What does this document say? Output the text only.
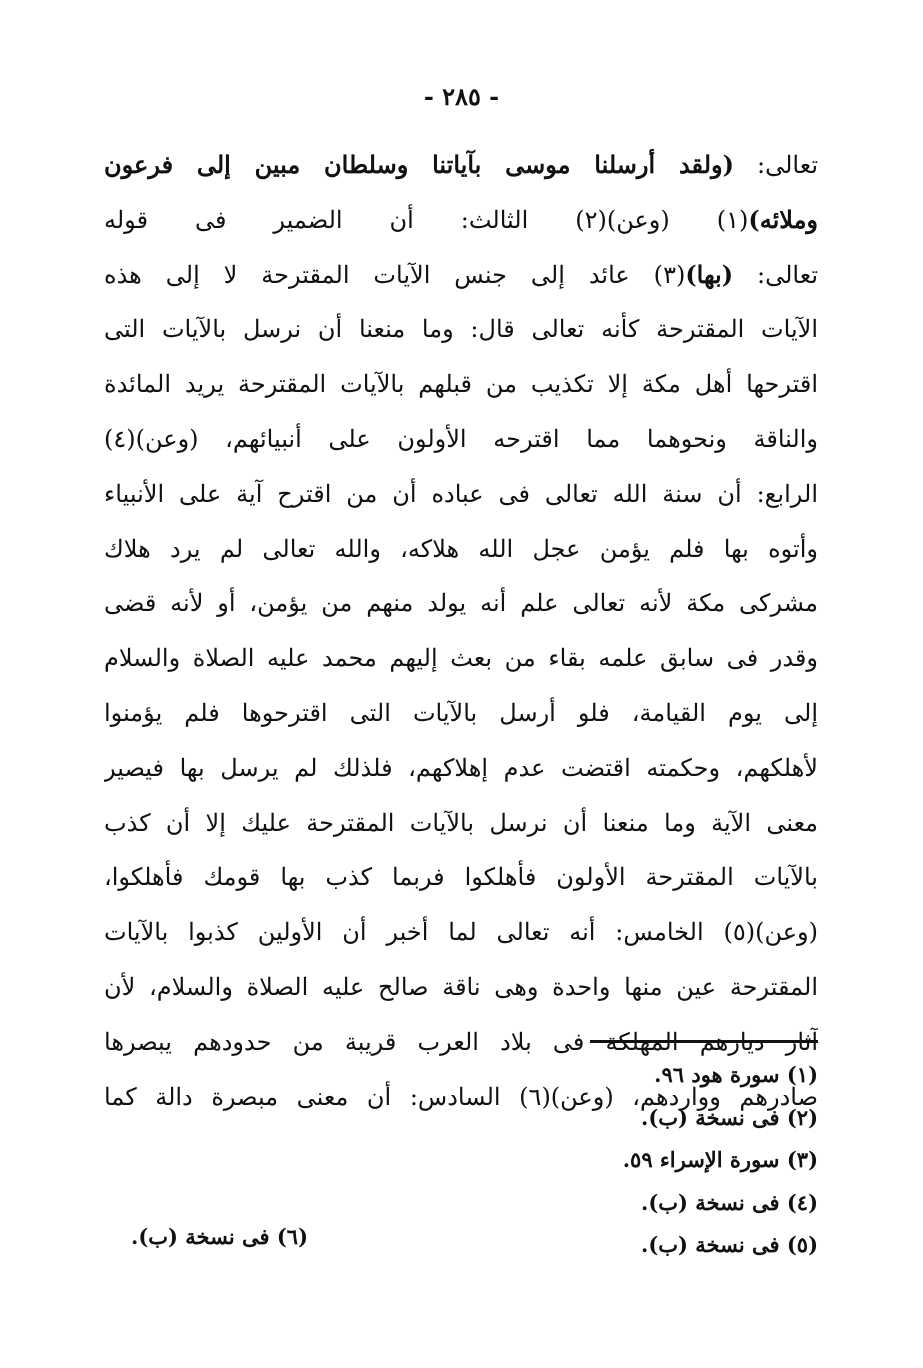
- ٢٨٥ -
تعالى: (ولقد أرسلنا موسى بآياتنا وسلطان مبين إلى فرعون
وملائه)(١) (وعن)(٢) الثالث: أن الضمير فى قوله
تعالى: (بها)(٣) عائد إلى جنس الآيات المقترحة لا إلى هذه
الآيات المقترحة كأنه تعالى قال: وما منعنا أن نرسل بالآيات التى
اقترحها أهل مكة إلا تكذيب من قبلهم بالآيات المقترحة يريد المائدة
والناقة ونحوهما مما اقترحه الأولون على أنبيائهم، (وعن)(٤)
الرابع: أن سنة الله تعالى فى عباده أن من اقترح آية على الأنبياء
وأتوه بها فلم يؤمن عجل الله هلاكه، والله تعالى لم يرد هلاك
مشركى مكة لأنه تعالى علم أنه يولد منهم من يؤمن، أو لأنه قضى
وقدر فى سابق علمه بقاء من بعث إليهم محمد عليه الصلاة والسلام
إلى يوم القيامة، فلو أرسل بالآيات التى اقترحوها فلم يؤمنوا
لأهلكهم، وحكمته اقتضت عدم إهلاكهم، فلذلك لم يرسل بها فيصير
معنى الآية وما منعنا أن نرسل بالآيات المقترحة عليك إلا أن كذب
بالآيات المقترحة الأولون فأهلكوا فربما كذب بها قومك فأهلكوا،
(وعن)(٥) الخامس: أنه تعالى لما أخبر أن الأولين كذبوا بالآيات
المقترحة عين منها واحدة وهى ناقة صالح عليه الصلاة والسلام، لأن
آثار ديارهم المهلكة فى بلاد العرب قريبة من حدودهم يبصرها
صادرهم وواردهم، (وعن)(٦) السادس: أن معنى مبصرة دالة كما
(١) سورة هود ٩٦.
(٢) فى نسخة (ب).
(٣) سورة الإسراء ٥٩.
(٤) فى نسخة (ب).
(٥) فى نسخة (ب).
(٦) فى نسخة (ب).
